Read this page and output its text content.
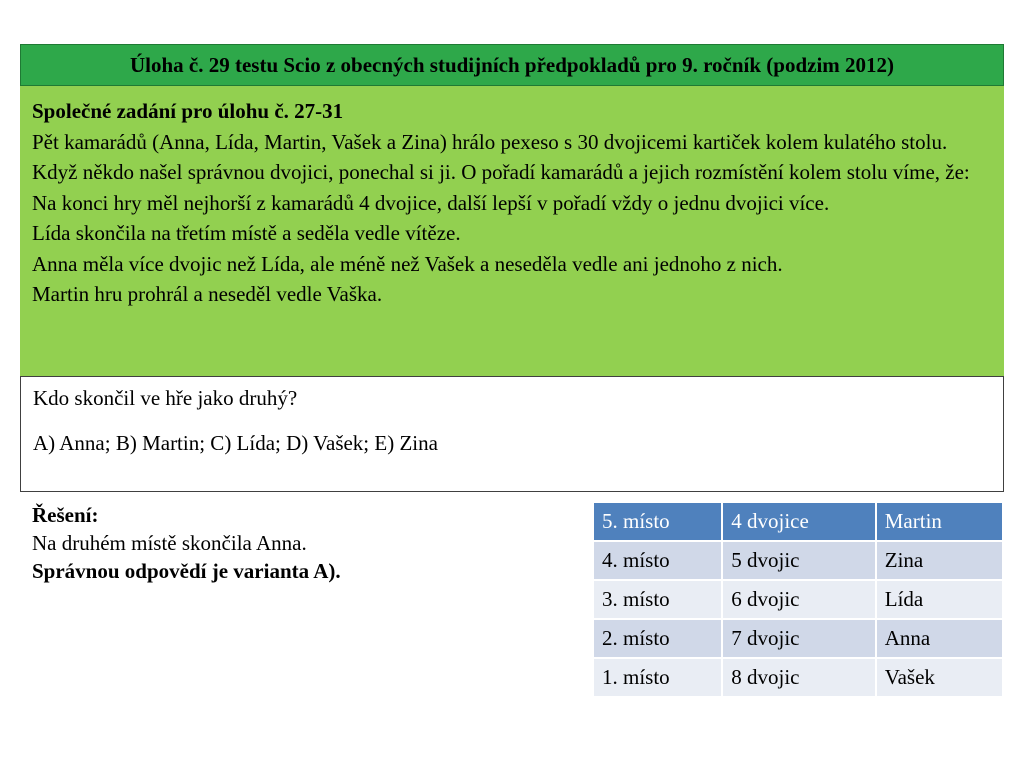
Úloha č. 29 testu Scio z obecných studijních předpokladů pro 9. ročník (podzim 2012)

Společné zadání pro úlohu č. 27-31

Pět kamarádů (Anna, Lída, Martin, Vašek a Zina) hrálo pexeso s 30 dvojicemi kartiček kolem kulatého stolu. Když někdo našel správnou dvojici, ponechal si ji. O pořadí kamarádů a jejich rozmístění kolem stolu víme, že:

Na konci hry měl nejhorší z kamarádů 4 dvojice, další lepší v pořadí vždy o jednu dvojici více.

Lída skončila na třetím místě a seděla vedle vítěze.

Anna měla více dvojic než Lída, ale méně než Vašek a neseděla vedle ani jednoho z nich.

Martin hru prohrál a neseděl vedle Vaška.

Kdo skončil ve hře jako druhý?

A) Anna; B) Martin; C) Lída; D) Vašek; E) Zina

Řešení:

Na druhém místě skončila Anna.

Správnou odpovědí je varianta A).

5. místo	4 dvojice	Martin
4. místo	5 dvojic	Zina
3. místo	6 dvojic	Lída
2. místo	7 dvojic	Anna
1. místo	8 dvojic	Vašek
